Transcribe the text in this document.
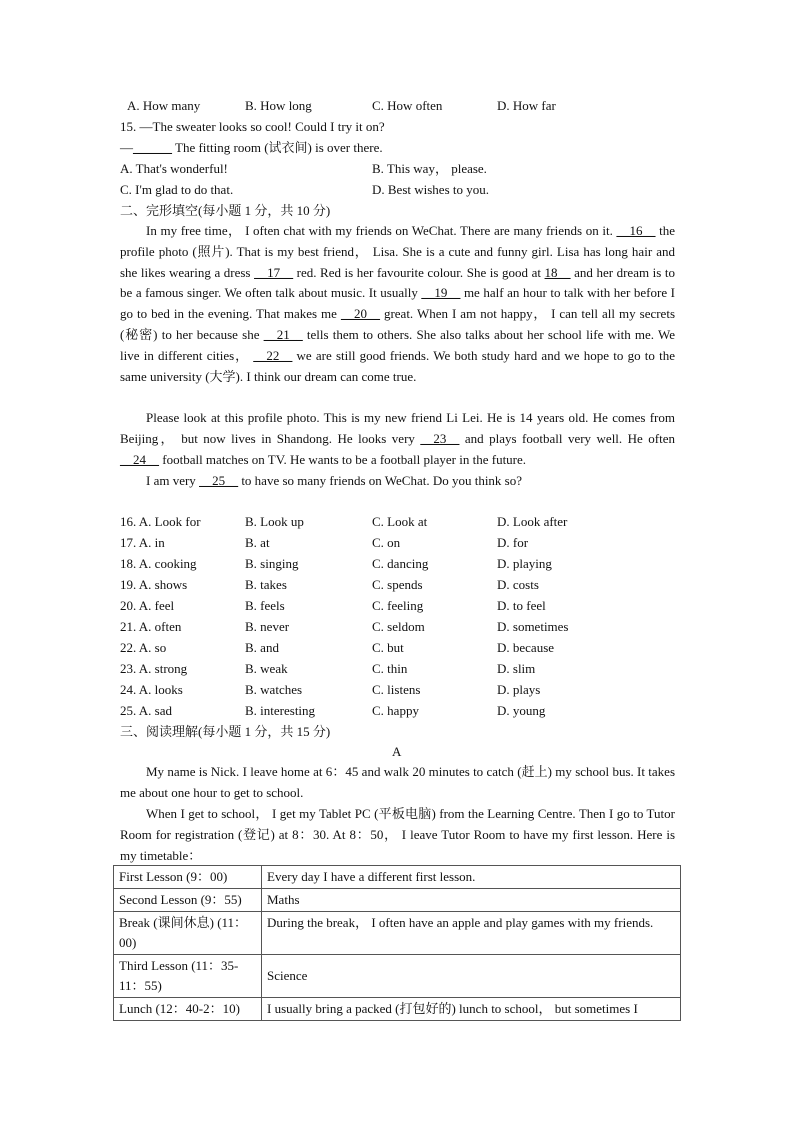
A. How many	B. How long	C. How often	D. How far
15. —The sweater looks so cool! Could I try it on?
—______ The fitting room (试衣间) is over there.
A. That's wonderful!	B. This way， please.
C. I'm glad to do that.	D. Best wishes to you.
二、完形填空(每小题 1 分，共 10 分)
In my free time， I often chat with my friends on WeChat. There are many friends on it. __16__ the profile photo (照片). That is my best friend， Lisa. She is a cute and funny girl. Lisa has long hair and she likes wearing a dress __17__ red. Red is her favourite colour. She is good at 18__ and her dream is to be a famous singer. We often talk about music. It usually __19__ me half an hour to talk with her before I go to bed in the evening. That makes me __20__ great. When I am not happy， I can tell all my secrets (秘密) to her because she __21__ tells them to others. She also talks about her school life with me. We live in different cities， __22__ we are still good friends. We both study hard and we hope to go to the same university (大学). I think our dream can come true.
Please look at this profile photo. This is my new friend Li Lei. He is 14 years old. He comes from Beijing， but now lives in Shandong. He looks very __23__ and plays football very well. He often __24__ football matches on TV. He wants to be a football player in the future.
I am very __25__ to have so many friends on WeChat. Do you think so?
16. A. Look for	B. Look up	C. Look at	D. Look after
17. A. in	B. at	C. on	D. for
18. A. cooking	B. singing	C. dancing	D. playing
19. A. shows	B. takes	C. spends	D. costs
20. A. feel	B. feels	C. feeling	D. to feel
21. A. often	B. never	C. seldom	D. sometimes
22. A. so	B. and	C. but	D. because
23. A. strong	B. weak	C. thin	D. slim
24. A. looks	B. watches	C. listens	D. plays
25. A. sad	B. interesting	C. happy	D. young
三、阅读理解(每小题 1 分，共 15 分)
A
My name is Nick. I leave home at 6：45 and walk 20 minutes to catch (赶上) my school bus. It takes me about one hour to get to school.
When I get to school， I get my Tablet PC (平板电脑) from the Learning Centre. Then I go to Tutor Room for registration (登记) at 8：30. At 8：50， I leave Tutor Room to have my first lesson. Here is my timetable：
First Lesson (9：00)	Every day I have a different first lesson.
Second Lesson (9：55)	Maths
Break (课间休息) (11：00)	During the break， I often have an apple and play games with my friends.
Third Lesson (11：35-11：55)	Science
Lunch (12：40-2：10)	I usually bring a packed (打包好的) lunch to school， but sometimes I
